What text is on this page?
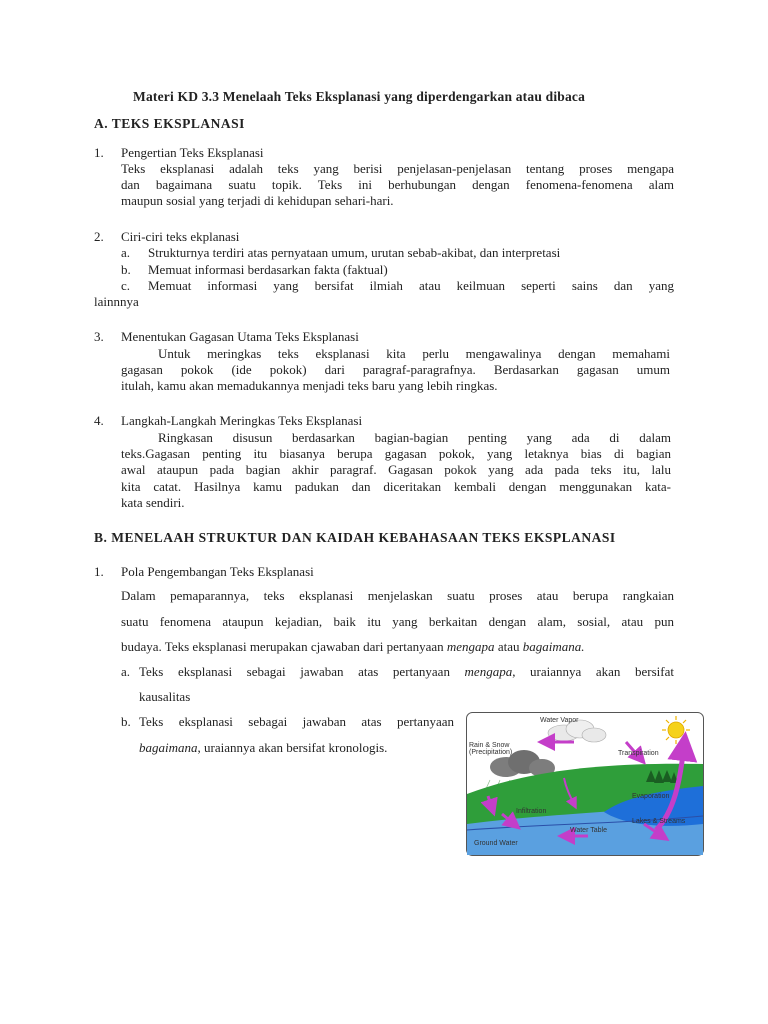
Materi KD 3.3 Menelaah Teks Eksplanasi yang diperdengarkan atau dibaca
A. TEKS EKSPLANASI
1. Pengertian Teks Eksplanasi
Teks eksplanasi adalah teks yang berisi penjelasan-penjelasan tentang proses mengapa
dan bagaimana suatu topik. Teks ini berhubungan dengan fenomena-fenomena alam
maupun sosial yang terjadi di kehidupan sehari-hari.
2. Ciri-ciri teks ekplanasi
a. Strukturnya terdiri atas pernyataan umum, urutan sebab-akibat, dan interpretasi
b. Memuat informasi berdasarkan fakta (faktual)
c. Memuat informasi yang bersifat ilmiah atau keilmuan seperti sains dan yang
lainnnya
3. Menentukan Gagasan Utama Teks Eksplanasi
Untuk meringkas teks eksplanasi kita perlu mengawalinya dengan memahami
gagasan pokok (ide pokok) dari paragraf-paragrafnya. Berdasarkan gagasan umum
itulah, kamu akan memadukannya menjadi teks baru yang lebih ringkas.
4. Langkah-Langkah Meringkas Teks Eksplanasi
Ringkasan disusun berdasarkan bagian-bagian penting yang ada di dalam
teks.Gagasan penting itu biasanya berupa gagasan pokok, yang letaknya bias di bagian
awal ataupun pada bagian akhir paragraf. Gagasan pokok yang ada pada teks itu, lalu
kita catat. Hasilnya kamu padukan dan diceritakan kembali dengan menggunakan kata-
kata sendiri.
B. MENELAAH STRUKTUR DAN KAIDAH KEBAHASAAN TEKS EKSPLANASI
1. Pola Pengembangan Teks Eksplanasi
Dalam pemaparannya, teks eksplanasi menjelaskan suatu proses atau berupa rangkaian
suatu fenomena ataupun kejadian, baik itu yang berkaitan dengan alam, sosial, atau pun
budaya. Teks eksplanasi merupakan cjawaban dari pertanyaan mengapa atau bagaimana.
a. Teks eksplanasi sebagai jawaban atas pertanyaan mengapa, uraiannya akan bersifat
kausalitas
b. Teks eksplanasi sebagai jawaban atas pertanyaan
bagaimana, uraiannya akan bersifat kronologis.
Water Vapor
Rain & Snow
(Precipitation)	Transpiration
Evaporation
Infiltration
Lakes & Streams
Water Table
Ground Water
